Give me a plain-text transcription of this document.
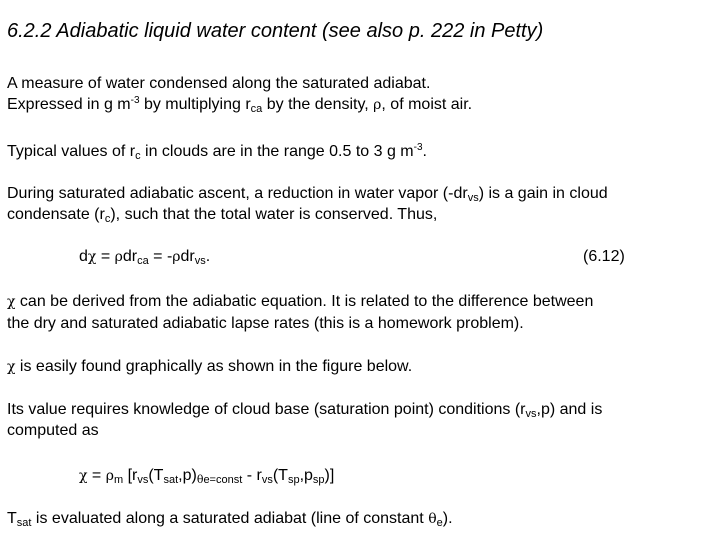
6.2.2 Adiabatic liquid water content (see also p. 222 in Petty)
A measure of water condensed along the saturated adiabat.
Expressed in g $m^{-3}$ by multiplying $r_{ca}$ by the density, ρ, of moist air.
Typical values of $r_c$ in clouds are in the range 0.5 to 3 g $m^{-3}$.
During saturated adiabatic ascent, a reduction in water vapor $(-dr_{vs})$ is a gain in cloud
condensate $(r_c)$, such that the total water is conserved. Thus,
dχ = ρdr$_{ca}$ = -ρdr$_{vs}$.	(6.12)
χ can be derived from the adiabatic equation. It is related to the difference between
the dry and saturated adiabatic lapse rates (this is a homework problem).
χ is easily found graphically as shown in the figure below.
Its value requires knowledge of cloud base (saturation point) conditions $(r_{vs},p)$ and is
computed as
$\chi = \rho_m$ $[r_{vs}(T_{sat},p)_{\theta e=const} - r_{vs}(T_{sp},p_{sp})]$
$T_{sat}$ is evaluated along a saturated adiabat (line of constant $\theta_e$).
